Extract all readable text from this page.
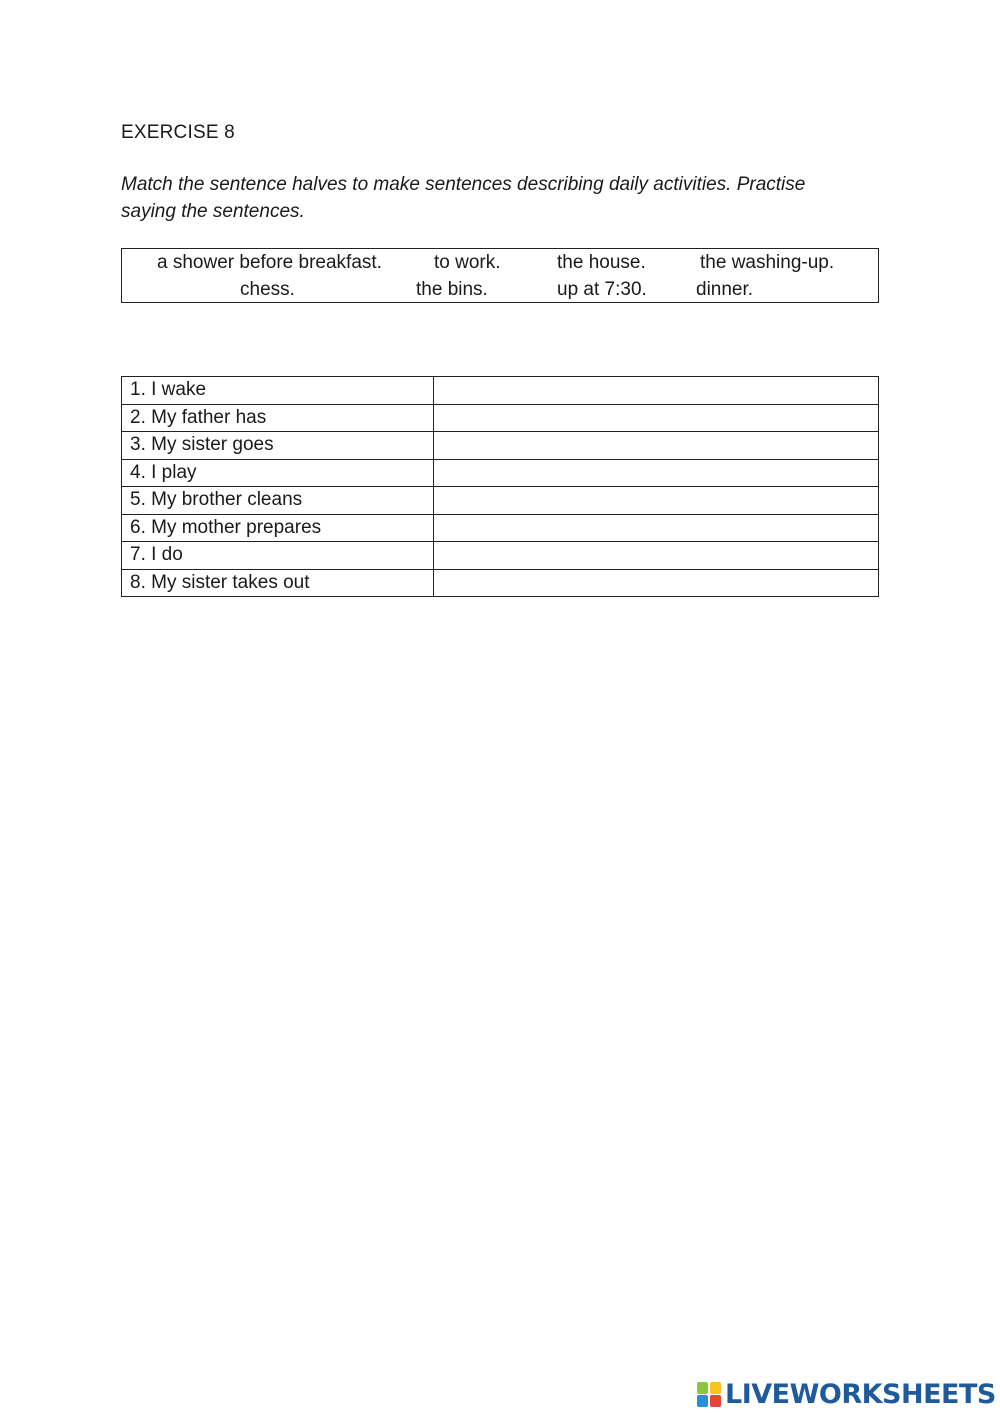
EXERCISE 8
Match the sentence halves to make sentences describing daily activities. Practise saying the sentences.
a shower before breakfast.	to work.	the house.	the washing-up.
chess.	the bins.	up at 7:30.	dinner.
1. I wake	
2. My father has	
3. My sister goes	
4. I play	
5. My brother cleans	
6. My mother prepares	
7. I do	
8. My sister takes out	
LIVEWORKSHEETS
